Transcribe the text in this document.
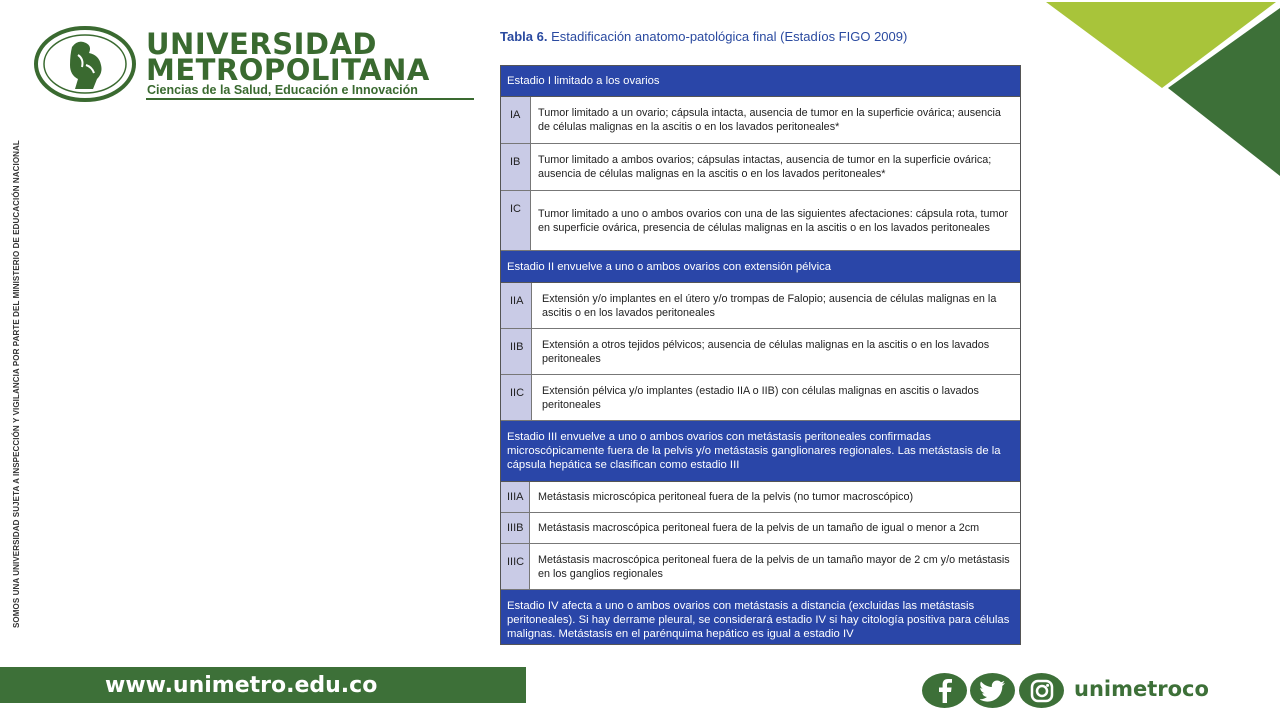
UNIVERSIDAD
METROPOLITANA
Ciencias de la Salud, Educación e Innovación
SOMOS UNA UNIVERSIDAD SUJETA A INSPECCIÓN Y VIGILANCIA POR PARTE DEL MINISTERIO DE EDUCACIÓN NACIONAL
Tabla 6. Estadificación anatomo-patológica final (Estadíos FIGO 2009)
Estadio I limitado a los ovarios
IA Tumor limitado a un ovario; cápsula intacta, ausencia de tumor en la superficie ovárica; ausencia de células malignas en la ascitis o en los lavados peritoneales*
IB Tumor limitado a ambos ovarios; cápsulas intactas, ausencia de tumor en la superficie ovárica; ausencia de células malignas en la ascitis o en los lavados peritoneales*
IC Tumor limitado a uno o ambos ovarios con una de las siguientes afectaciones: cápsula rota, tumor en superficie ovárica, presencia de células malignas en la ascitis o en los lavados peritoneales
Estadio II envuelve a uno o ambos ovarios con extensión pélvica
IIA Extensión y/o implantes en el útero y/o trompas de Falopio; ausencia de células malignas en la ascitis o en los lavados peritoneales
IIB Extensión a otros tejidos pélvicos; ausencia de células malignas en la ascitis o en los lavados peritoneales
IIC Extensión pélvica y/o implantes (estadio IIA o IIB) con células malignas en ascitis o lavados peritoneales
Estadio III envuelve a uno o ambos ovarios con metástasis peritoneales confirmadas microscópicamente fuera de la pelvis y/o metástasis ganglionares regionales. Las metástasis de la cápsula hepática se clasifican como estadio III
IIIA Metástasis microscópica peritoneal fuera de la pelvis (no tumor macroscópico)
IIIB Metástasis macroscópica peritoneal fuera de la pelvis de un tamaño de igual o menor a 2cm
IIIC Metástasis macroscópica peritoneal fuera de la pelvis de un tamaño mayor de 2 cm y/o metástasis en los ganglios regionales
Estadio IV afecta a uno o ambos ovarios con metástasis a distancia (excluidas las metástasis peritoneales). Si hay derrame pleural, se considerará estadio IV si hay citología positiva para células malignas. Metástasis en el parénquima hepático es igual a estadio IV
www.unimetro.edu.co	unimetroco
